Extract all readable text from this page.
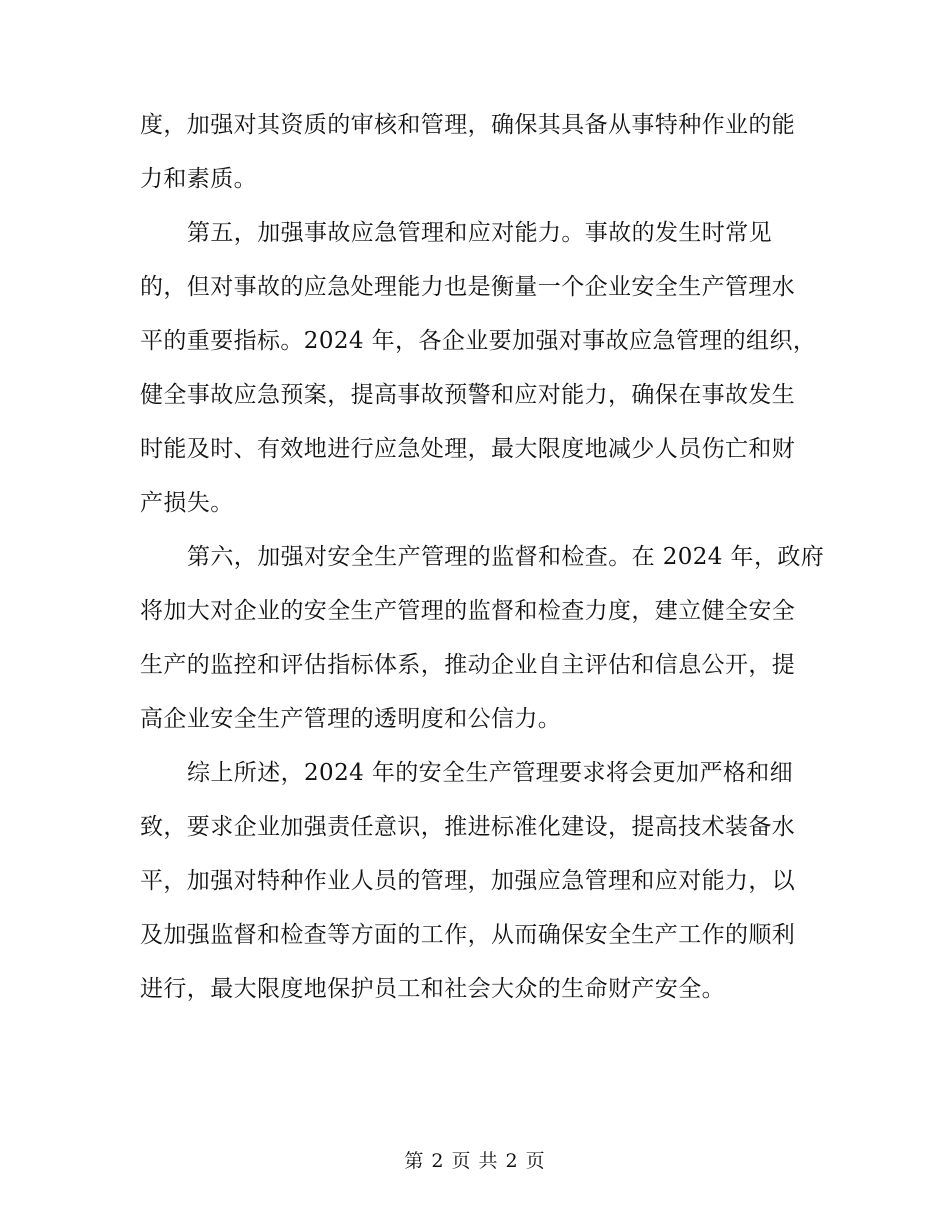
度，加强对其资质的审核和管理，确保其具备从事特种作业的能
力和素质。
第五，加强事故应急管理和应对能力。事故的发生时常见
的，但对事故的应急处理能力也是衡量一个企业安全生产管理水
平的重要指标。2024 年，各企业要加强对事故应急管理的组织，
健全事故应急预案，提高事故预警和应对能力，确保在事故发生
时能及时、有效地进行应急处理，最大限度地减少人员伤亡和财
产损失。
第六，加强对安全生产管理的监督和检查。在 2024 年，政府
将加大对企业的安全生产管理的监督和检查力度，建立健全安全
生产的监控和评估指标体系，推动企业自主评估和信息公开，提
高企业安全生产管理的透明度和公信力。
综上所述，2024 年的安全生产管理要求将会更加严格和细
致，要求企业加强责任意识，推进标准化建设，提高技术装备水
平，加强对特种作业人员的管理，加强应急管理和应对能力，以
及加强监督和检查等方面的工作，从而确保安全生产工作的顺利
进行，最大限度地保护员工和社会大众的生命财产安全。
第 2 页 共 2 页
